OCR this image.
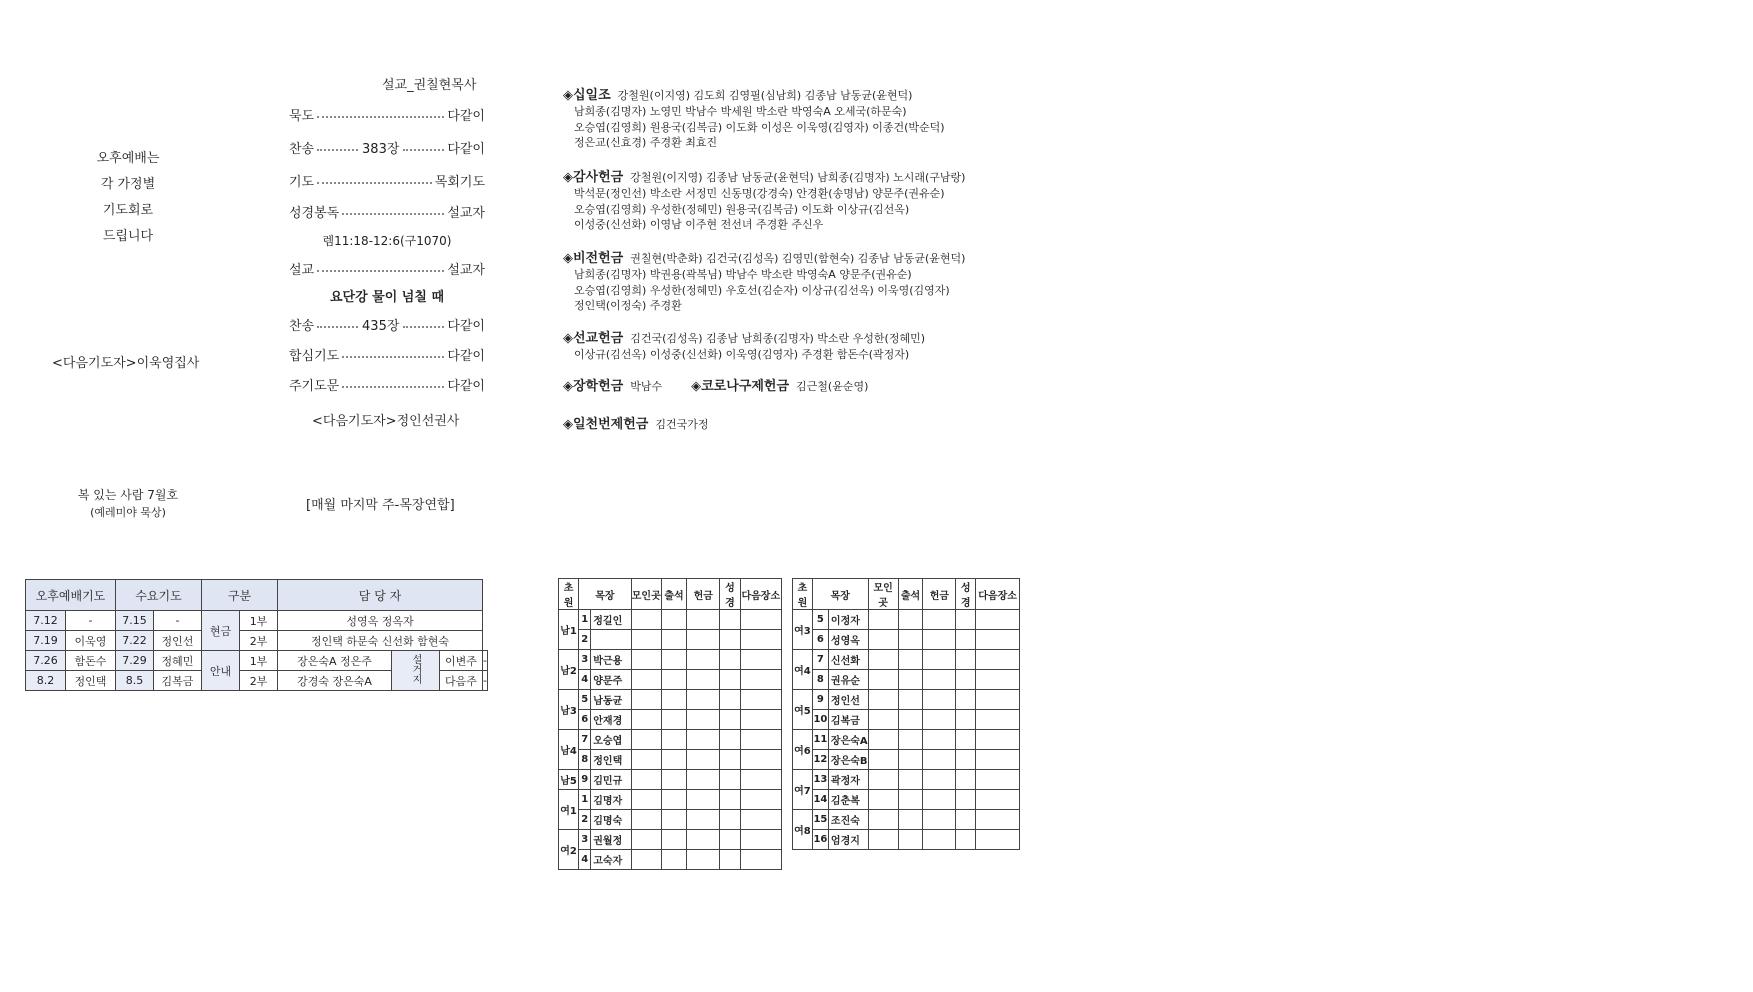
오후예배는
각 가정별
기도회로
드립니다
<다음기도자>이욱영집사
복 있는 사람 7월호
(예레미야 묵상)	[매월 마지막 주-목장연합]
설교_권칠현목사
묵도	다같이
찬송	383장	다같이
기도	목회기도
성경봉독	설교자
설교	설교자
찬송	435장	다같이
합심기도	다같이
주기도문	다같이
렘11:18-12:6(구1070)
요단강 물이 넘칠 때
<다음기도자>정인선권사
◈십일조 강철원(이지영) 김도희 김영필(심남희) 김종남 남동균(윤현덕)
남희종(김명자) 노영민 박남수 박세원 박소란 박영숙A 오세국(하문숙)
오승엽(김영희) 원용국(김복금) 이도화 이성은 이욱영(김영자) 이종건(박순덕)
정은교(신효경) 주경환 최효진
◈감사헌금 강철원(이지영) 김종남 남동균(윤현덕) 남희종(김명자) 노시래(구남랑)
박석문(정인선) 박소란 서정민 신동명(강경숙) 안경환(송명남) 양문주(권유순)
오승엽(김영희) 우성한(정혜민) 원용국(김복금) 이도화 이상규(김선옥)
이성중(신선화) 이영남 이주현 전선녀 주경환 주신우
◈비전헌금 권칠현(박춘화) 김건국(김성옥) 김영민(함현숙) 김종남 남동균(윤현덕)
남희종(김명자) 박권용(곽복님) 박남수 박소란 박영숙A 양문주(권유순)
오승엽(김영희) 우성한(정혜민) 우호선(김순자) 이상규(김선옥) 이욱영(김영자)
정인택(이정숙) 주경환
◈선교헌금 김건국(김성옥) 김종남 남희종(김명자) 박소란 우성한(정혜민)
이상규(김선옥) 이성중(신선화) 이욱영(김영자) 주경환 함돈수(곽정자)
◈장학헌금 박남수 ◈코로나구제헌금 김근철(윤순영)
◈일천번제헌금 김건국가정
오후예배기도		수요기도		구분		담 당 자			
7.12	-	7.15	-	현금	1부	성영옥 정옥자			
7.19	이욱영	7.22	정인선		2부	정인택 하문숙 신선화 함현숙			
7.26	함돈수	7.29	정혜민	안내	1부	장은숙A 정은주	설거지	이변주	-
8.2	정인택	8.5	김복금		2부	강경숙 장은숙A		다음주	-
초원	목장		모인곳	출석	헌금	성경	다음장소
남1	1	정길인					
	2						
남2	3	박근용					
	4	양문주					
남3	5	남동균					
	6	안재경					
남4	7	오승엽					
	8	정인택					
남5	9	김민규					
여1	1	김명자					
	2	김명숙					
여2	3	권월정					
	4	고숙자					
초원	목장		모인곳	출석	헌금	성경	다음장소
여3	5	이정자					
	6	성영옥					
여4	7	신선화					
	8	권유순					
여5	9	정인선					
	10	김복금					
여6	11	장은숙A					
	12	장은숙B					
여7	13	곽정자					
	14	김춘복					
여8	15	조진숙					
	16	엄경지					
